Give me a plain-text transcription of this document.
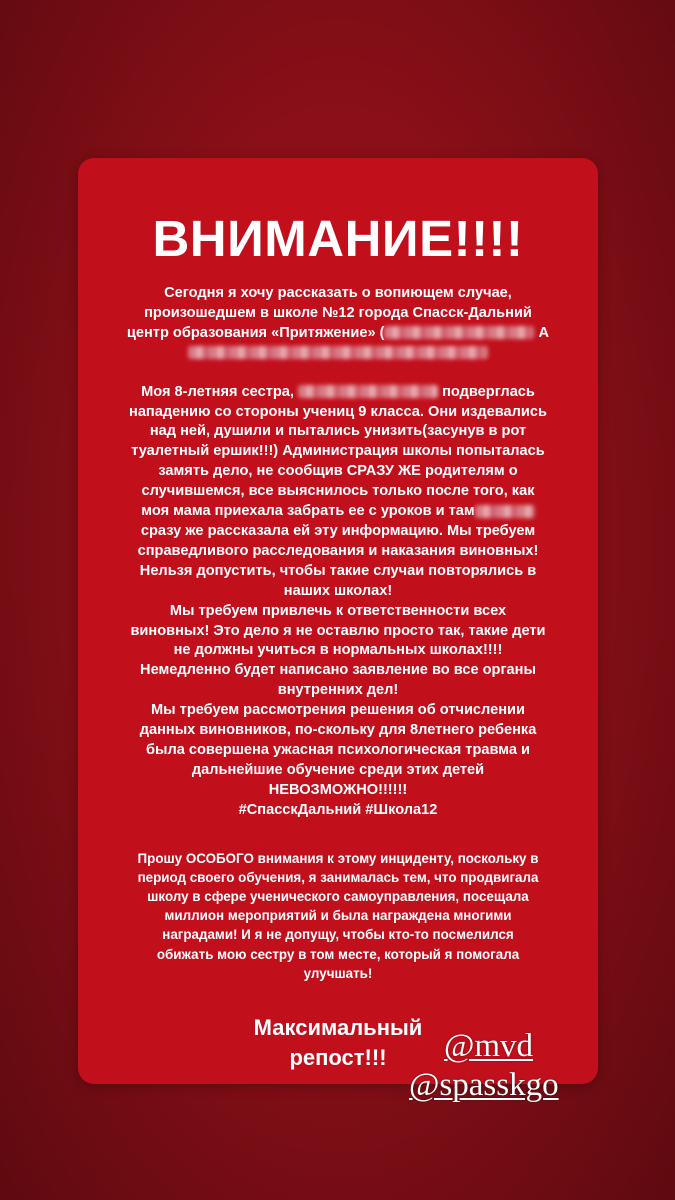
ВНИМАНИЕ!!!!

Сегодня я хочу рассказать о вопиющем случае,
произошедшем в школе №12 города Спасск-Дальний
центр образования «Притяжение» (	А

Моя 8-летняя сестра,	подверглась
нападению со стороны учениц 9 класса. Они издевались
над ней, душили и пытались унизить(засунув в рот
туалетный ершик!!!) Администрация школы попыталась
замять дело, не сообщив СРАЗУ ЖЕ родителям о
случившемся, все выяснилось только после того, как
моя мама приехала забрать ее с уроков и там
сразу же рассказала ей эту информацию. Мы требуем
справедливого расследования и наказания виновных!
Нельзя допустить, чтобы такие случаи повторялись в
наших школах!

Мы требуем привлечь к ответственности всех
виновных! Это дело я не оставлю просто так, такие дети
не должны учиться в нормальных школах!!!!

Немедленно будет написано заявление во все органы
внутренних дел!

Мы требуем рассмотрения решения об отчислении
данных виновников, по-скольку для 8летнего ребенка
была совершена ужасная психологическая травма и
дальнейшие обучение среди этих детей
НЕВОЗМОЖНО!!!!!!
#СпасскДальний #Школа12

Прошу ОСОБОГО внимания к этому инциденту, поскольку в
период своего обучения, я занималась тем, что продвигала
школу в сфере ученического самоуправления, посещала
миллион мероприятий и была награждена многими
наградами! И я не допущу, чтобы кто-то посмелился
обижать мою сестру в том месте, который я помогала
улучшать!

Максимальный
репост!!!	@mvd
@spasskgo
